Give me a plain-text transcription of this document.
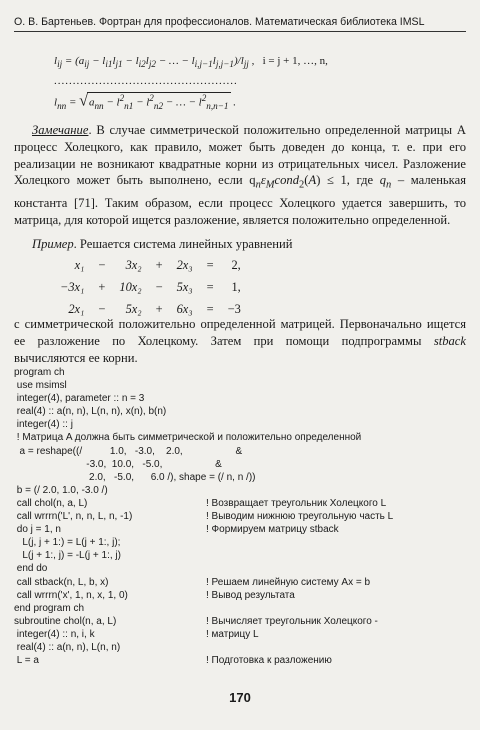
О. В. Бартеньев. Фортран для профессионалов. Математическая библиотека IMSL
$l_{ij} = (a_{ij} - l_{i1}l_{j1} - l_{i2}l_{j2}$ − … − $l_{i,j-1}l_{j,j-1})/l_{jj}$ ,   i = j + 1, …, n,
.................................................
$l_{nn} = √a_{nn} - l^2_{n1} - l^2_{n2}$ − … − $l^2_{n,n-1}$ .
Замечание. В случае симметрической положительно определенной матрицы A процесс Холецкого, как правило, может быть доведен до конца, т. е. при его реализации не возникают квадратные корни из отрицательных чисел. Разложение Холецкого может быть выполнено, если $q_n\varepsilon_Mcond_2(A) \le 1$, где $q_n$ – маленькая константа [71]. Таким образом, если процесс Холецкого удается завершить, то матрица, для которой ищется разложение, является положительно определенной.
Пример. Решается система линейных уравнений
x₁	−	3x₂	+	2x₃	=	2,
−3x₁	+	10x₂	−	5x₃	=	1,
2x₁	−	5x₂	+	6x₃	=	−3
с симметрической положительно определенной матрицей. Первоначально ищется ее разложение по Холецкому. Затем при помощи подпрограммы stback вычисляются ее корни.
program ch
use msimsl
integer(4), parameter :: n = 3
real(4) :: a(n, n), L(n, n), x(n), b(n)
integer(4) :: j
! Матрица A должна быть симметрической и положительно определенной
a = reshape((/          1.0,   -3.0,    2.0,                   &
-3.0,  10.0,   -5.0,                   &
2.0,   -5.0,      6.0 /), shape = (/ n, n /))
b = (/ 2.0, 1.0, -3.0 /)
call chol(n, a, L)	! Возвращает треугольник Холецкого L
call wrrrn('L', n, n, L, n, -1)	! Выводим нижнюю треугольную часть L
do j = 1, n	! Формируем матрицу stback
L(j, j + 1:) = L(j + 1:, j);
L(j + 1:, j) = -L(j + 1:, j)
end do
call stback(n, L, b, x)	! Решаем линейную систему Ax = b
call wrrrn('x', 1, n, x, 1, 0)	! Вывод результата
end program ch
subroutine chol(n, a, L)	! Вычисляет треугольник Холецкого -
integer(4) :: n, i, k	! матрицу L
real(4) :: a(n, n), L(n, n)
L = a	! Подготовка к разложению
170
